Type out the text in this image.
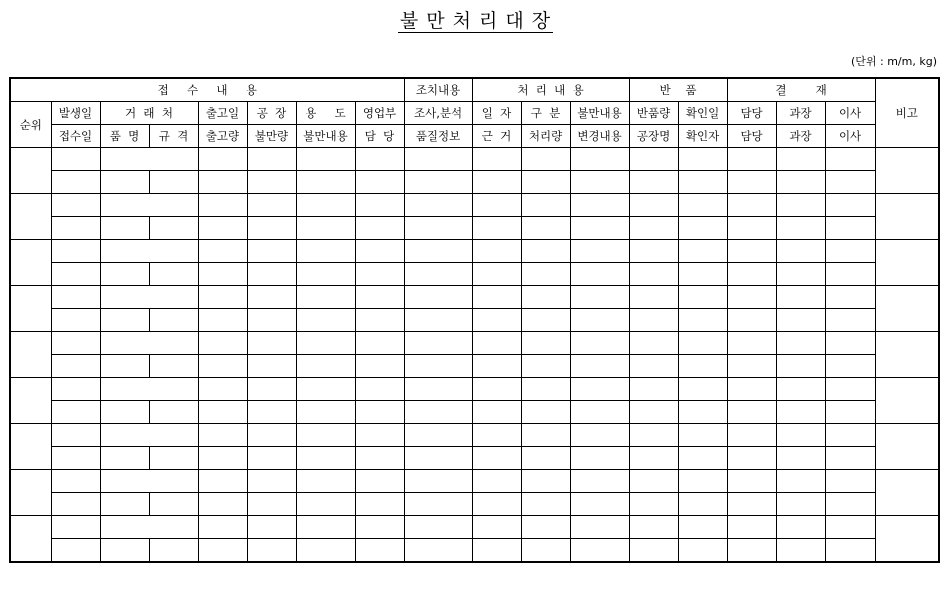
불 만 처 리 대 장
(단위 : m/m, kg)
접     수     내     용								조치내용	처  리  내  용			반    품		결        재			비고
순위	발생일	거  래  처		출고일	공  장	용     도	영업부	조사,분석	일  자	구  분	불만내용	반품량	확인일	담당	과장	이사	
	접수일	품  명	규  격	출고량	불만량	불만내용	담  당	품질정보	근  거	처리량	변경내용	공장명	확인자	담당	과장	이사	
